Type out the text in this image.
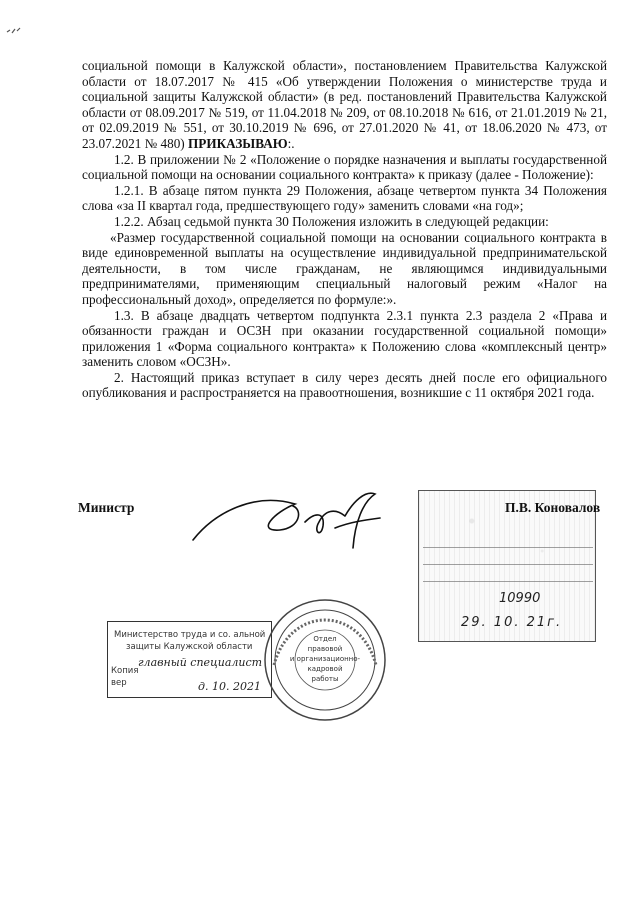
социальной помощи в Калужской области», постановлением Правительства Калужской области от 18.07.2017 № 415 «Об утверждении Положения о министерстве труда и социальной защиты Калужской области» (в ред. постановлений Правительства Калужской области от 08.09.2017 № 519, от 11.04.2018 № 209, от 08.10.2018 № 616, от 21.01.2019 № 21, от 02.09.2019 № 551, от 30.10.2019 № 696, от 27.01.2020 № 41, от 18.06.2020 № 473, от 23.07.2021 № 480) ПРИКАЗЫВАЮ:.

1.2. В приложении № 2 «Положение о порядке назначения и выплаты государственной социальной помощи на основании социального контракта» к приказу (далее - Положение):

1.2.1. В абзаце пятом пункта 29 Положения, абзаце четвертом пункта 34 Положения слова «за II квартал года, предшествующего году» заменить словами «на год»;

1.2.2. Абзац седьмой пункта 30 Положения изложить в следующей редакции:

«Размер государственной социальной помощи на основании социального контракта в виде единовременной выплаты на осуществление индивидуальной предпринимательской деятельности, в том числе гражданам, не являющимся индивидуальными предпринимателями, применяющим специальный налоговый режим «Налог на профессиональный доход», определяется по формуле:».

1.3. В абзаце двадцать четвертом подпункта 2.3.1 пункта 2.3 раздела 2 «Права и обязанности граждан и ОСЗН при оказании государственной социальной помощи» приложения 1 «Форма социального контракта» к Положению слова «комплексный центр» заменить словом «ОСЗН».

2. Настоящий приказ вступает в силу через десять дней после его официального опубликования и распространяется на правоотношения, возникшие с 11 октября 2021 года.

Министр
10990
29. 10. 21г.
П.В. Коновалов
Министерство труда и со. альной
защиты Калужской области
Копия
вер
главный специалист
д. 10. 2021
Отдел
правовой
и организационно-
кадровой
работы
